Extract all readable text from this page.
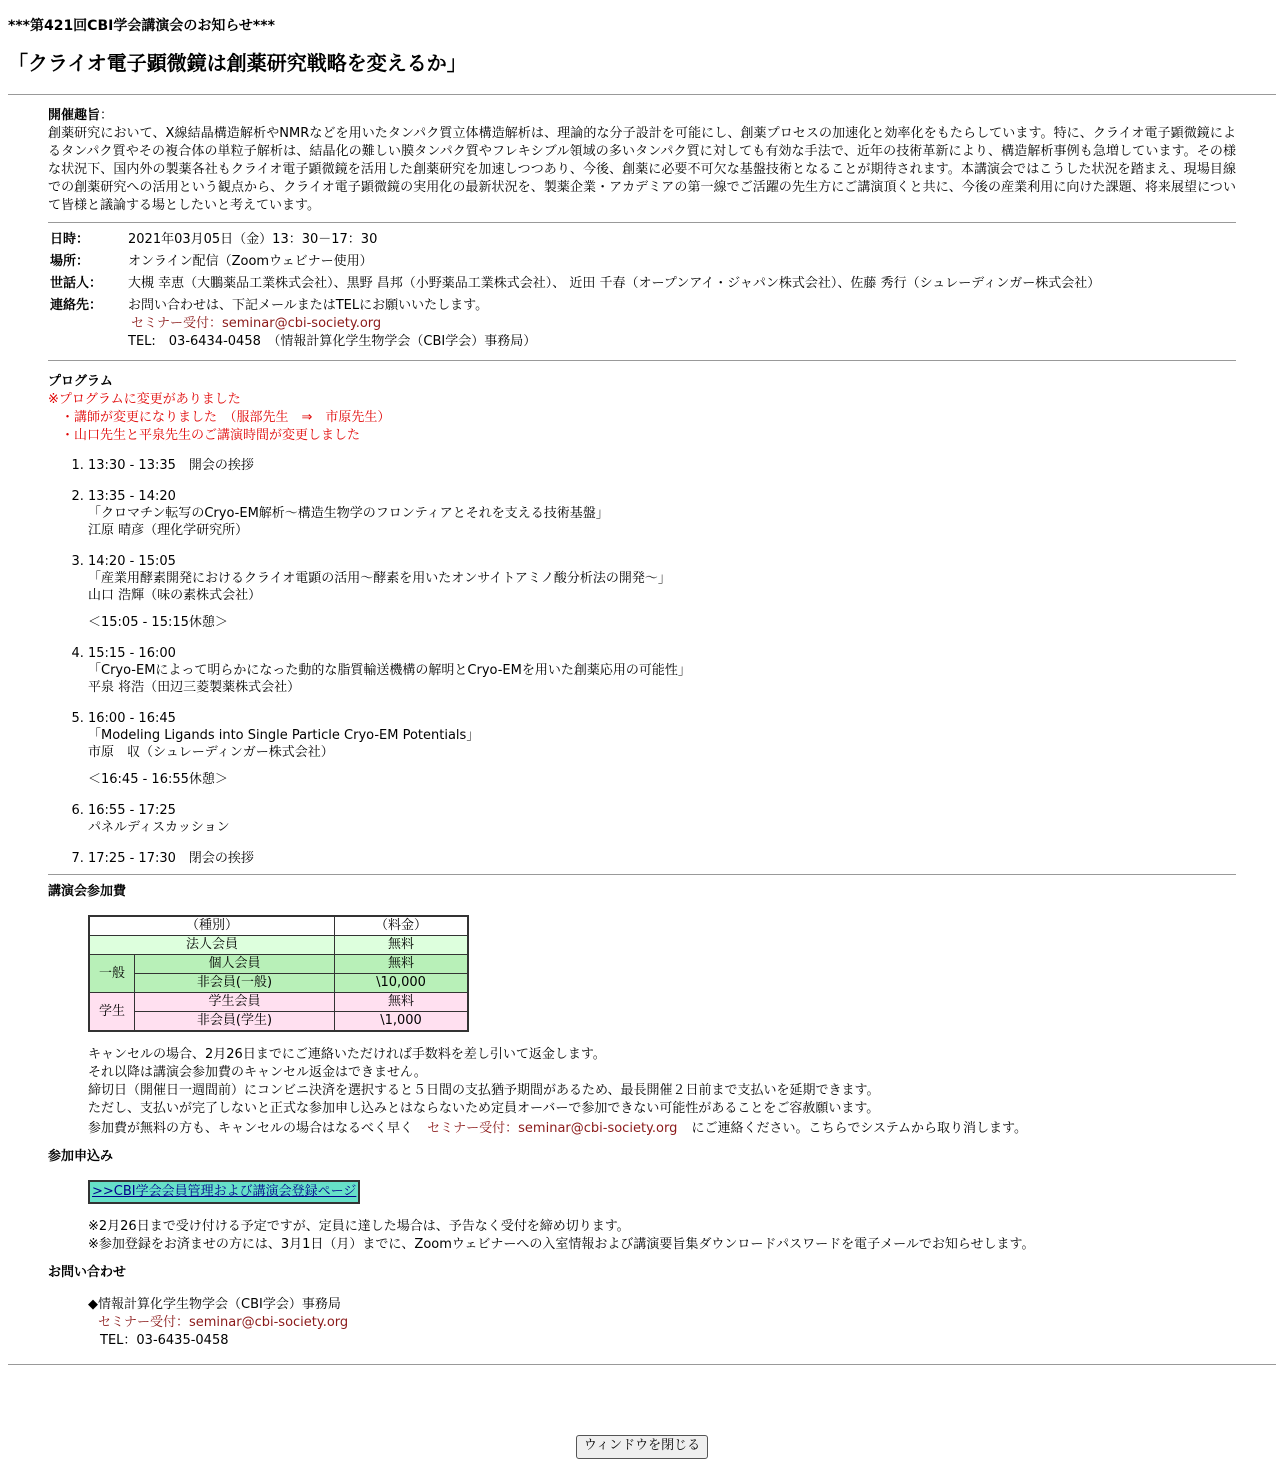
***第421回CBI学会講演会のお知らせ***
「クライオ電子顕微鏡は創薬研究戦略を変えるか」
開催趣旨：
創薬研究において、X線結晶構造解析やNMRなどを用いたタンパク質立体構造解析は、理論的な分子設計を可能にし、創薬プロセスの加速化と効率化をもたらしています。特に、クライオ電子顕微鏡によるタンパク質やその複合体の単粒子解析は、結晶化の難しい膜タンパク質やフレキシブル領域の多いタンパク質に対しても有効な手法で、近年の技術革新により、構造解析事例も急増しています。その様な状況下、国内外の製薬各社もクライオ電子顕微鏡を活用した創薬研究を加速しつつあり、今後、創薬に必要不可欠な基盤技術となることが期待されます。本講演会ではこうした状況を踏まえ、現場目線での創薬研究への活用という観点から、クライオ電子顕微鏡の実用化の最新状況を、製薬企業・アカデミアの第一線でご活躍の先生方にご講演頂くと共に、今後の産業利用に向けた課題、将来展望について皆様と議論する場としたいと考えています。
日時：	2021年03月05日（金）13：30－17：30
場所：	オンライン配信（Zoomウェビナー使用）
世話人：	大槻 幸恵（大鵬薬品工業株式会社）、黒野 昌邦（小野薬品工業株式会社）、 近田 千春（オープンアイ・ジャパン株式会社）、佐藤 秀行（シュレーディンガー株式会社）
連絡先：	お問い合わせは、下記メールまたはTELにお願いいたします。
セミナー受付：seminar@cbi-society.org
TEL:　03-6434-0458　（情報計算化学生物学会（CBI学会）事務局）
プログラム
※プログラムに変更がありました
　・講師が変更になりました　（服部先生　⇒　市原先生）
　・山口先生と平泉先生のご講演時間が変更しました
1. 13:30 - 13:35　開会の挨拶
2. 13:35 - 14:20
「クロマチン転写のCryo-EM解析～構造生物学のフロンティアとそれを支える技術基盤」
江原 晴彦（理化学研究所）
3. 14:20 - 15:05
「産業用酵素開発におけるクライオ電顕の活用～酵素を用いたオンサイトアミノ酸分析法の開発～」
山口 浩輝（味の素株式会社）
＜15:05 - 15:15休憩＞
4. 15:15 - 16:00
「Cryo-EMによって明らかになった動的な脂質輸送機構の解明とCryo-EMを用いた創薬応用の可能性」
平泉 将浩（田辺三菱製薬株式会社）
5. 16:00 - 16:45
「Modeling Ligands into Single Particle Cryo-EM Potentials」
市原　収（シュレーディンガー株式会社）
＜16:45 - 16:55休憩＞
6. 16:55 - 17:25
パネルディスカッション
7. 17:25 - 17:30　閉会の挨拶
講演会参加費
（種別）		（料金）
法人会員		無料
一般	個人会員	無料
	非会員(一般)	\10,000
学生	学生会員	無料
	非会員(学生)	\1,000
キャンセルの場合、2月26日までにご連絡いただければ手数料を差し引いて返金します。
それ以降は講演会参加費のキャンセル返金はできません。
締切日（開催日一週間前）にコンビニ決済を選択すると５日間の支払猶予期間があるため、最長開催２日前まで支払いを延期できます。
ただし、支払いが完了しないと正式な参加申し込みとはならないため定員オーバーで参加できない可能性があることをご容赦願います。
参加費が無料の方も、キャンセルの場合はなるべく早く セミナー受付：seminar@cbi-society.org にご連絡ください。こちらでシステムから取り消します。
参加申込み
>>CBI学会会員管理および講演会登録ページ
※2月26日まで受け付ける予定ですが、定員に達した場合は、予告なく受付を締め切ります。
※参加登録をお済ませの方には、3月1日（月）までに、Zoomウェビナーへの入室情報および講演要旨集ダウンロードパスワードを電子メールでお知らせします。
お問い合わせ
◆情報計算化学生物学会（CBI学会）事務局
セミナー受付：seminar@cbi-society.org
TEL：03-6435-0458
ウィンドウを閉じる
